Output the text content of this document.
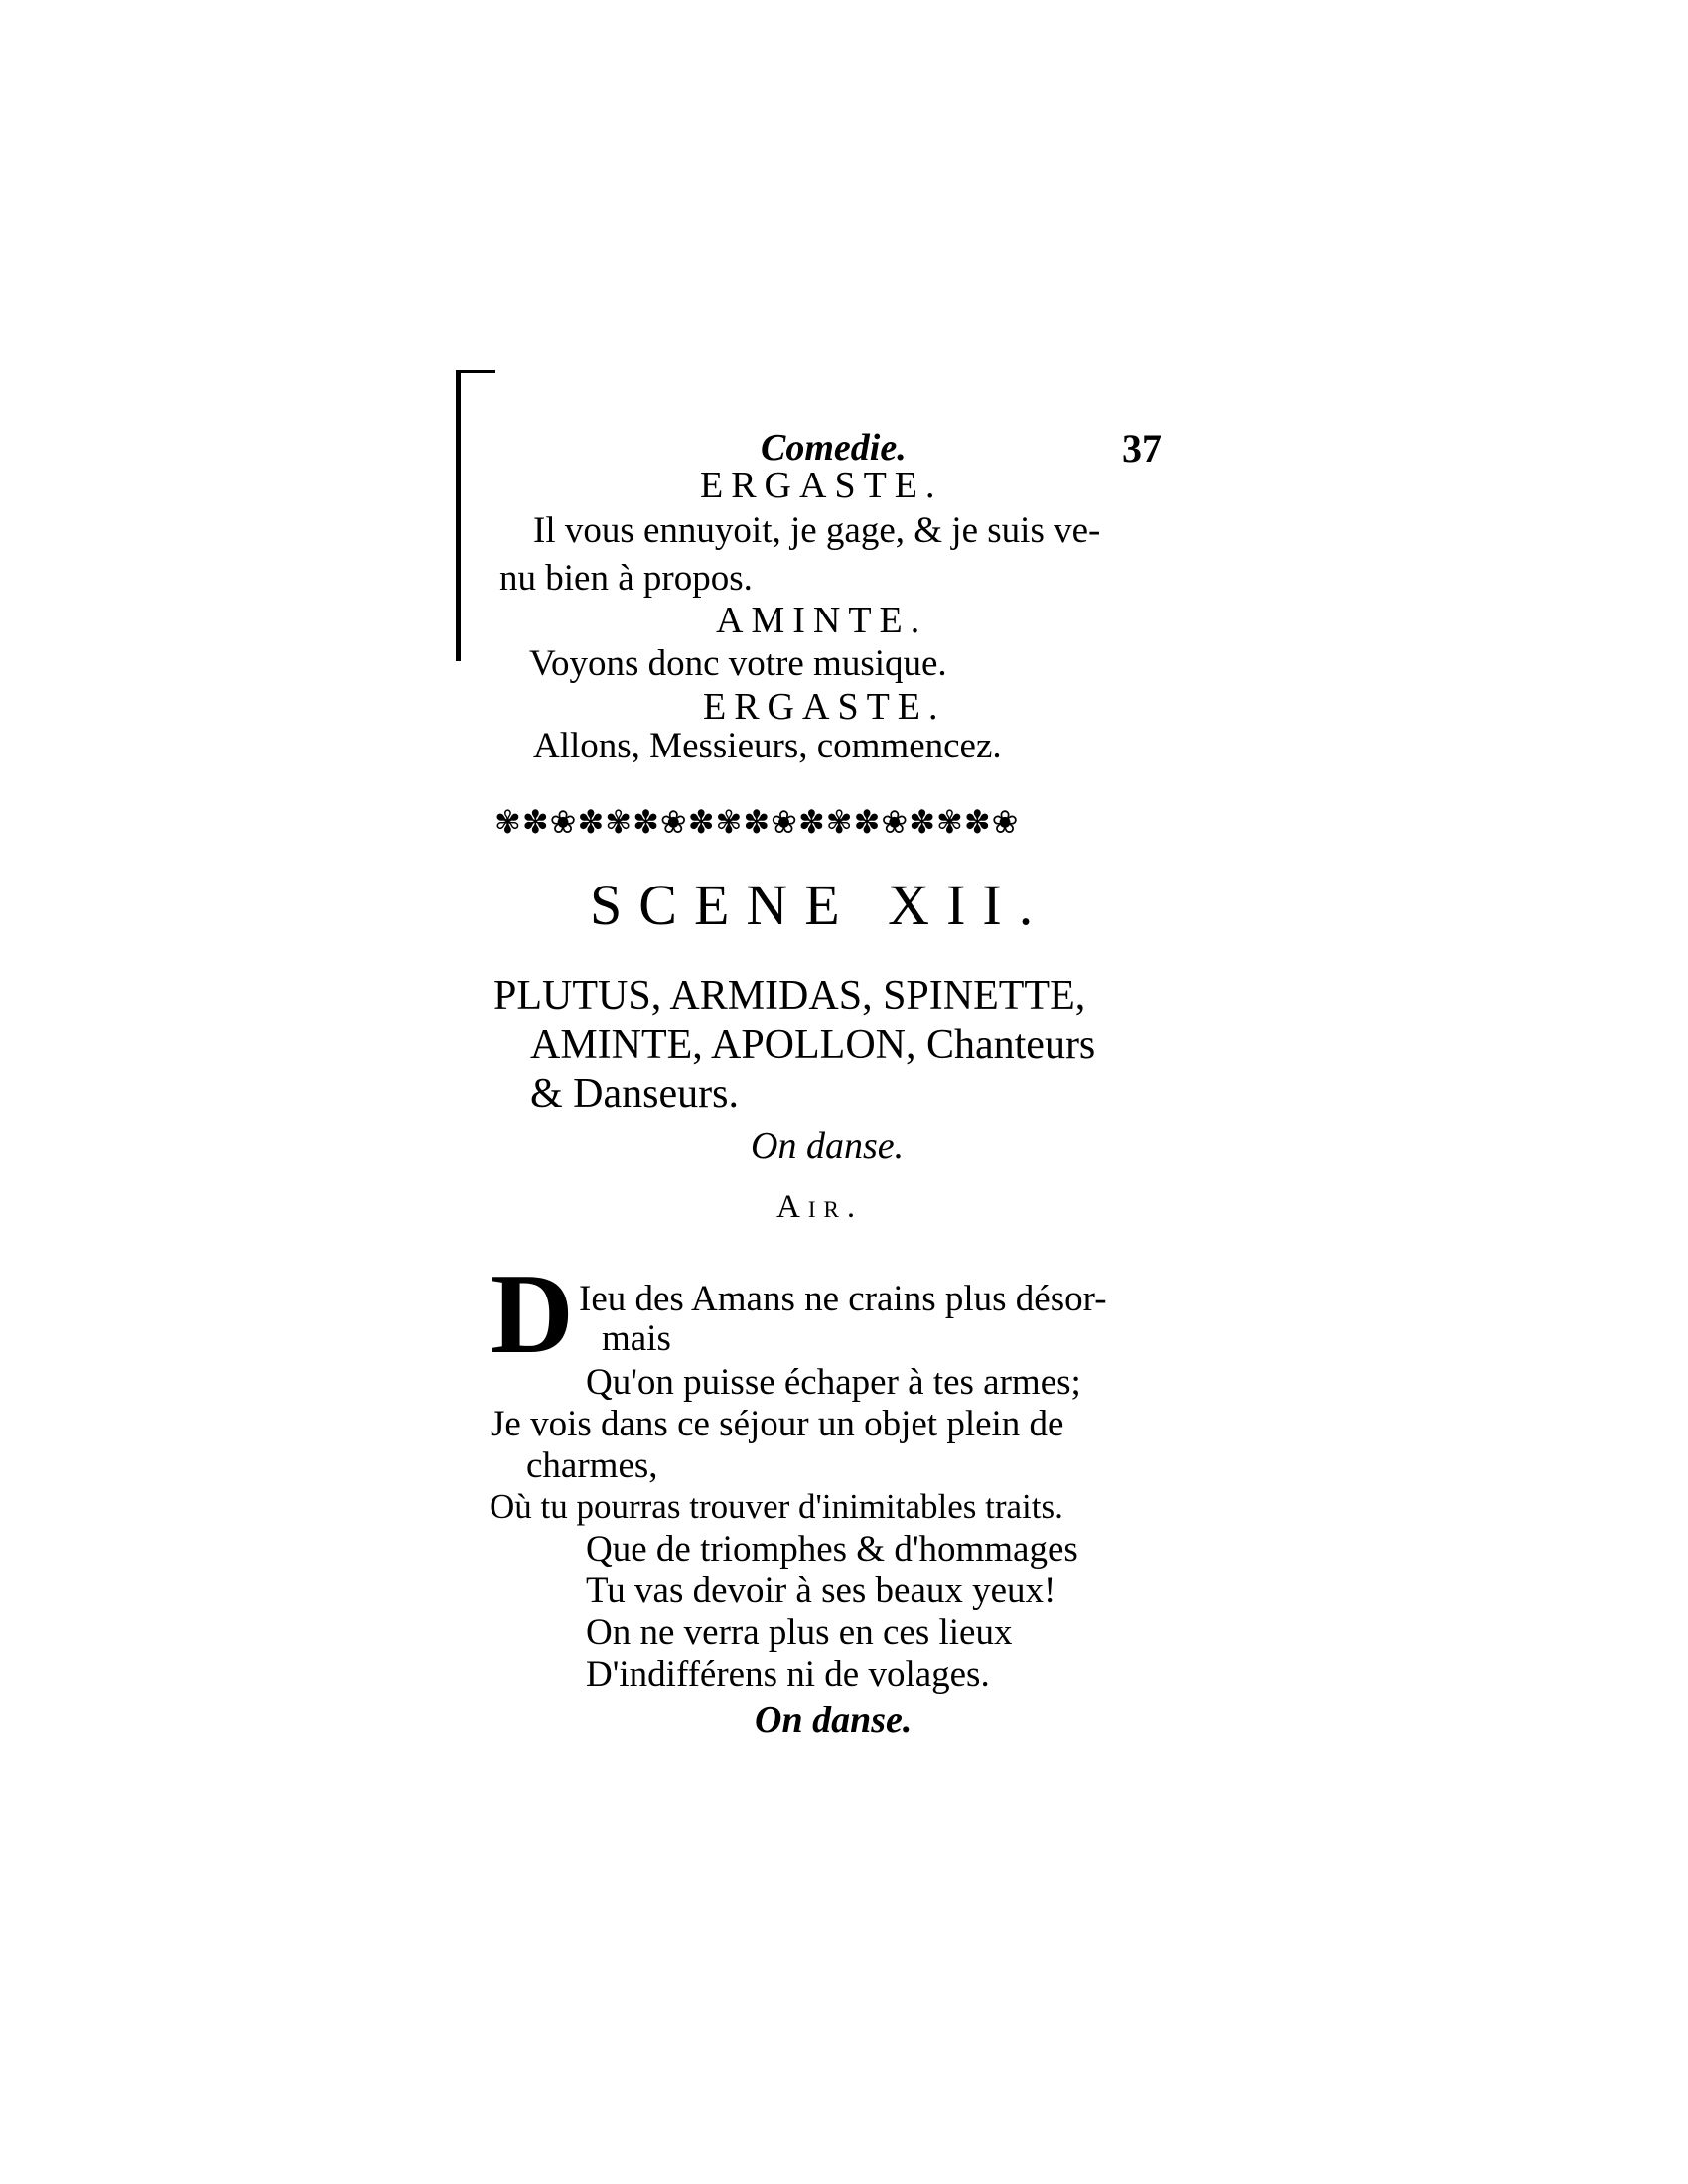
Comedie.	37
ERGASTE.
Il vous ennuyoit, je gage, & je suis ve-
nu bien à propos.
AMINTE.
Voyons donc votre musique.
ERGASTE.
Allons, Messieurs, commencez.
✾✽❀✽✾✽❀✽✾✽❀✽✾✽❀✽✾✽❀
SCENE XII.
PLUTUS, ARMIDAS, SPINETTE,
AMINTE, APOLLON, Chanteurs
& Danseurs.
On danse.
Air.
D Ieu des Amans ne crains plus désor-
mais
Qu'on puisse échaper à tes armes;
Je vois dans ce séjour un objet plein de
charmes,
Où tu pourras trouver d'inimitables traits.
Que de triomphes & d'hommages
Tu vas devoir à ses beaux yeux!
On ne verra plus en ces lieux
D'indifférens ni de volages.
On danse.
